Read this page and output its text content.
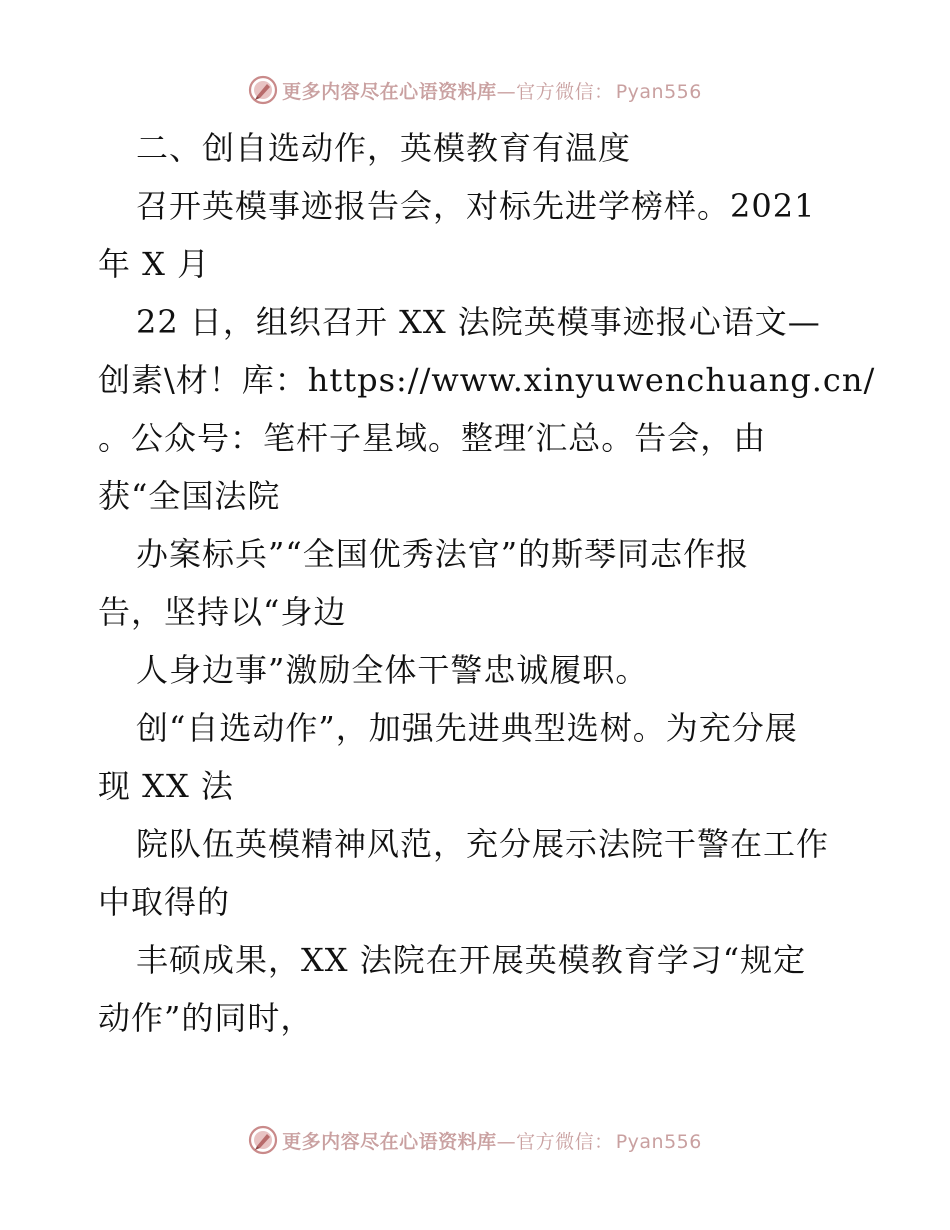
更多内容尽在心语资料库—官方微信： Pyan556
二、创自选动作，英模教育有温度
召开英模事迹报告会，对标先进学榜样。2021
年 X 月
22 日，组织召开 XX 法院英模事迹报心语文—
创素\材！库：https://www.xinyuwenchuang.cn/
。公众号：笔杆子星域。整理′汇总。告会，由
获“全国法院
办案标兵”“全国优秀法官”的斯琴同志作报
告，坚持以“身边
人身边事”激励全体干警忠诚履职。
创“自选动作”，加强先进典型选树。为充分展
现 XX 法
院队伍英模精神风范，充分展示法院干警在工作
中取得的
丰硕成果，XX 法院在开展英模教育学习“规定
动作”的同时，
更多内容尽在心语资料库—官方微信： Pyan556
